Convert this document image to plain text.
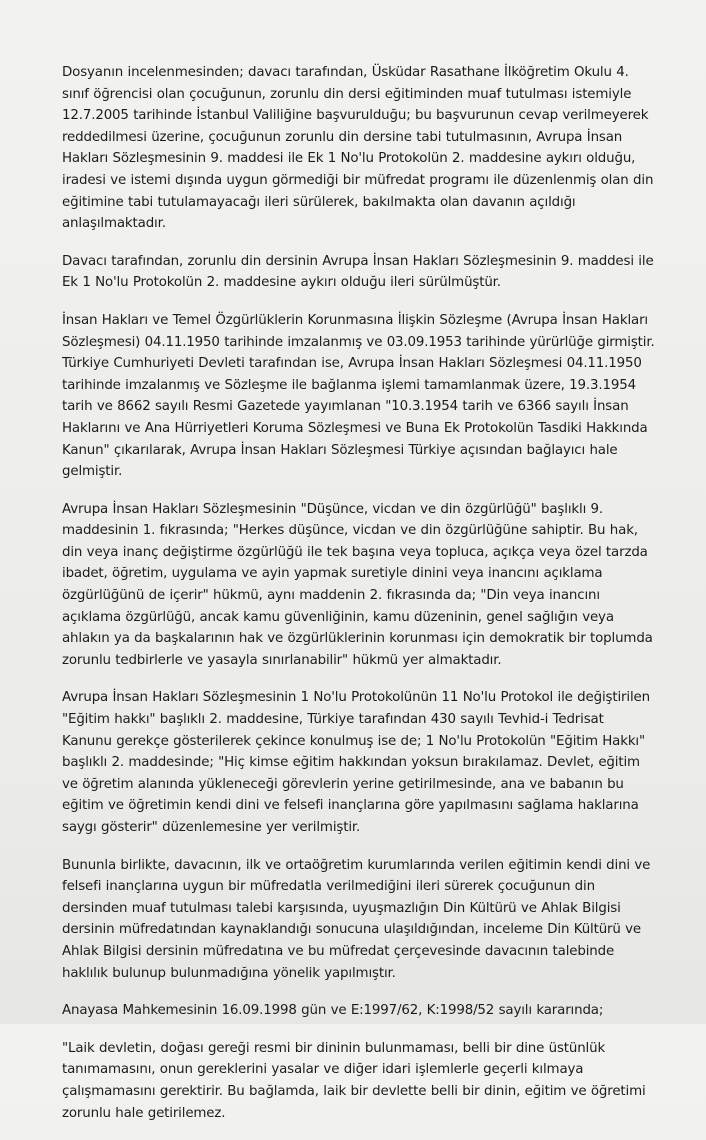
Dosyanın incelenmesinden; davacı tarafından, Üsküdar Rasathane İlköğretim Okulu 4. sınıf öğrencisi olan çocuğunun, zorunlu din dersi eğitiminden muaf tutulması istemiyle 12.7.2005 tarihinde İstanbul Valiliğine başvurulduğu; bu başvurunun cevap verilmeyerek reddedilmesi üzerine, çocuğunun zorunlu din dersine tabi tutulmasının, Avrupa İnsan Hakları Sözleşmesinin 9. maddesi ile Ek 1 No'lu Protokolün 2. maddesine aykırı olduğu, iradesi ve istemi dışında uygun görmediği bir müfredat programı ile düzenlenmiş olan din eğitimine tabi tutulamayacağı ileri sürülerek, bakılmakta olan davanın açıldığı anlaşılmaktadır.

Davacı tarafından, zorunlu din dersinin Avrupa İnsan Hakları Sözleşmesinin 9. maddesi ile Ek 1 No'lu Protokolün 2. maddesine aykırı olduğu ileri sürülmüştür.

İnsan Hakları ve Temel Özgürlüklerin Korunmasına İlişkin Sözleşme (Avrupa İnsan Hakları Sözleşmesi) 04.11.1950 tarihinde imzalanmış ve 03.09.1953 tarihinde yürürlüğe girmiştir. Türkiye Cumhuriyeti Devleti tarafından ise, Avrupa İnsan Hakları Sözleşmesi 04.11.1950 tarihinde imzalanmış ve Sözleşme ile bağlanma işlemi tamamlanmak üzere, 19.3.1954 tarih ve 8662 sayılı Resmi Gazetede yayımlanan "10.3.1954 tarih ve 6366 sayılı İnsan Haklarını ve Ana Hürriyetleri Koruma Sözleşmesi ve Buna Ek Protokolün Tasdiki Hakkında Kanun" çıkarılarak, Avrupa İnsan Hakları Sözleşmesi Türkiye açısından bağlayıcı hale gelmiştir.

Avrupa İnsan Hakları Sözleşmesinin "Düşünce, vicdan ve din özgürlüğü" başlıklı 9. maddesinin 1. fıkrasında; "Herkes düşünce, vicdan ve din özgürlüğüne sahiptir. Bu hak, din veya inanç değiştirme özgürlüğü ile tek başına veya topluca, açıkça veya özel tarzda ibadet, öğretim, uygulama ve ayin yapmak suretiyle dinini veya inancını açıklama özgürlüğünü de içerir" hükmü, aynı maddenin 2. fıkrasında da; "Din veya inancını açıklama özgürlüğü, ancak kamu güvenliğinin, kamu düzeninin, genel sağlığın veya ahlakın ya da başkalarının hak ve özgürlüklerinin korunması için demokratik bir toplumda zorunlu tedbirlerle ve yasayla sınırlanabilir" hükmü yer almaktadır.

Avrupa İnsan Hakları Sözleşmesinin 1 No'lu Protokolünün 11 No'lu Protokol ile değiştirilen "Eğitim hakkı" başlıklı 2. maddesine, Türkiye tarafından 430 sayılı Tevhid-i Tedrisat Kanunu gerekçe gösterilerek çekince konulmuş ise de; 1 No'lu Protokolün "Eğitim Hakkı" başlıklı 2. maddesinde; "Hiç kimse eğitim hakkından yoksun bırakılamaz. Devlet, eğitim ve öğretim alanında yükleneceği görevlerin yerine getirilmesinde, ana ve babanın bu eğitim ve öğretimin kendi dini ve felsefi inançlarına göre yapılmasını sağlama haklarına saygı gösterir" düzenlemesine yer verilmiştir.

Bununla birlikte, davacının, ilk ve ortaöğretim kurumlarında verilen eğitimin kendi dini ve felsefi inançlarına uygun bir müfredatla verilmediğini ileri sürerek çocuğunun din dersinden muaf tutulması talebi karşısında, uyuşmazlığın Din Kültürü ve Ahlak Bilgisi dersinin müfredatından kaynaklandığı sonucuna ulaşıldığından, inceleme Din Kültürü ve Ahlak Bilgisi dersinin müfredatına ve bu müfredat çerçevesinde davacının talebinde haklılık bulunup bulunmadığına yönelik yapılmıştır.

Anayasa Mahkemesinin 16.09.1998 gün ve E:1997/62, K:1998/52 sayılı kararında;

"Laik devletin, doğası gereği resmi bir dininin bulunmaması, belli bir dine üstünlük tanımamasını, onun gereklerini yasalar ve diğer idari işlemlerle geçerli kılmaya çalışmamasını gerektirir. Bu bağlamda, laik bir devlette belli bir dinin, eğitim ve öğretimi zorunlu hale getirilemez.
